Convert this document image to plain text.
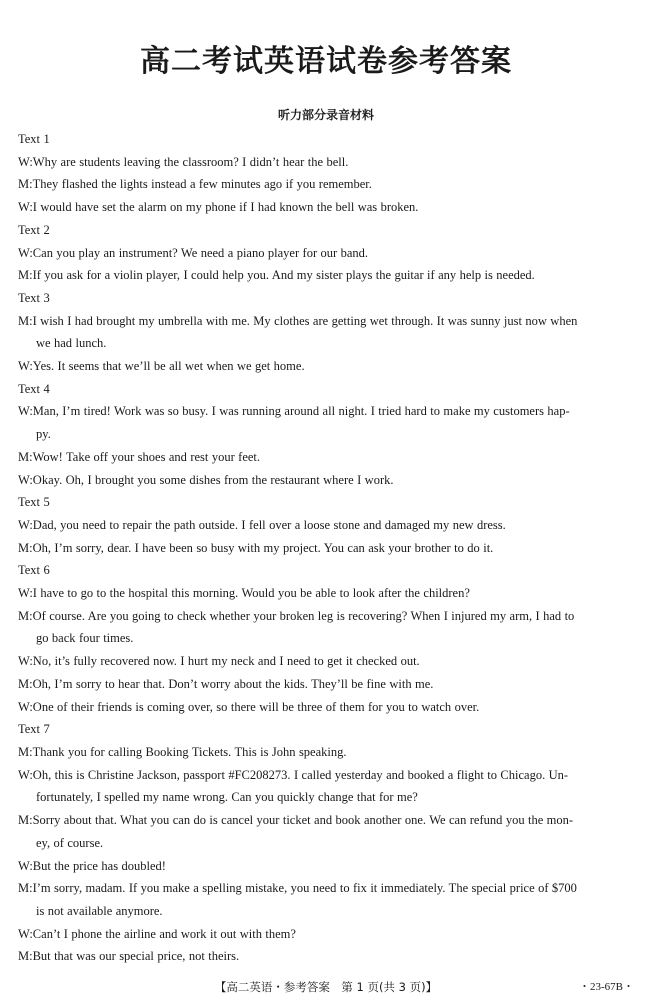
高二考试英语试卷参考答案
听力部分录音材料
Text 1
W:Why are students leaving the classroom? I didn’t hear the bell.
M:They flashed the lights instead a few minutes ago if you remember.
W:I would have set the alarm on my phone if I had known the bell was broken.
Text 2
W:Can you play an instrument? We need a piano player for our band.
M:If you ask for a violin player, I could help you. And my sister plays the guitar if any help is needed.
Text 3
M:I wish I had brought my umbrella with me. My clothes are getting wet through. It was sunny just now when
we had lunch.
W:Yes. It seems that we’ll be all wet when we get home.
Text 4
W:Man, I’m tired! Work was so busy. I was running around all night. I tried hard to make my customers hap-
py.
M:Wow! Take off your shoes and rest your feet.
W:Okay. Oh, I brought you some dishes from the restaurant where I work.
Text 5
W:Dad, you need to repair the path outside. I fell over a loose stone and damaged my new dress.
M:Oh, I’m sorry, dear. I have been so busy with my project. You can ask your brother to do it.
Text 6
W:I have to go to the hospital this morning. Would you be able to look after the children?
M:Of course. Are you going to check whether your broken leg is recovering? When I injured my arm, I had to
go back four times.
W:No, it’s fully recovered now. I hurt my neck and I need to get it checked out.
M:Oh, I’m sorry to hear that. Don’t worry about the kids. They’ll be fine with me.
W:One of their friends is coming over, so there will be three of them for you to watch over.
Text 7
M:Thank you for calling Booking Tickets. This is John speaking.
W:Oh, this is Christine Jackson, passport #FC208273. I called yesterday and booked a flight to Chicago. Un-
fortunately, I spelled my name wrong. Can you quickly change that for me?
M:Sorry about that. What you can do is cancel your ticket and book another one. We can refund you the mon-
ey, of course.
W:But the price has doubled!
M:I’m sorry, madam. If you make a spelling mistake, you need to fix it immediately. The special price of $700
is not available anymore.
W:Can’t I phone the airline and work it out with them?
M:But that was our special price, not theirs.
【高二英语・参考答案　第 1 页(共 3 页)】	・23-67B・
